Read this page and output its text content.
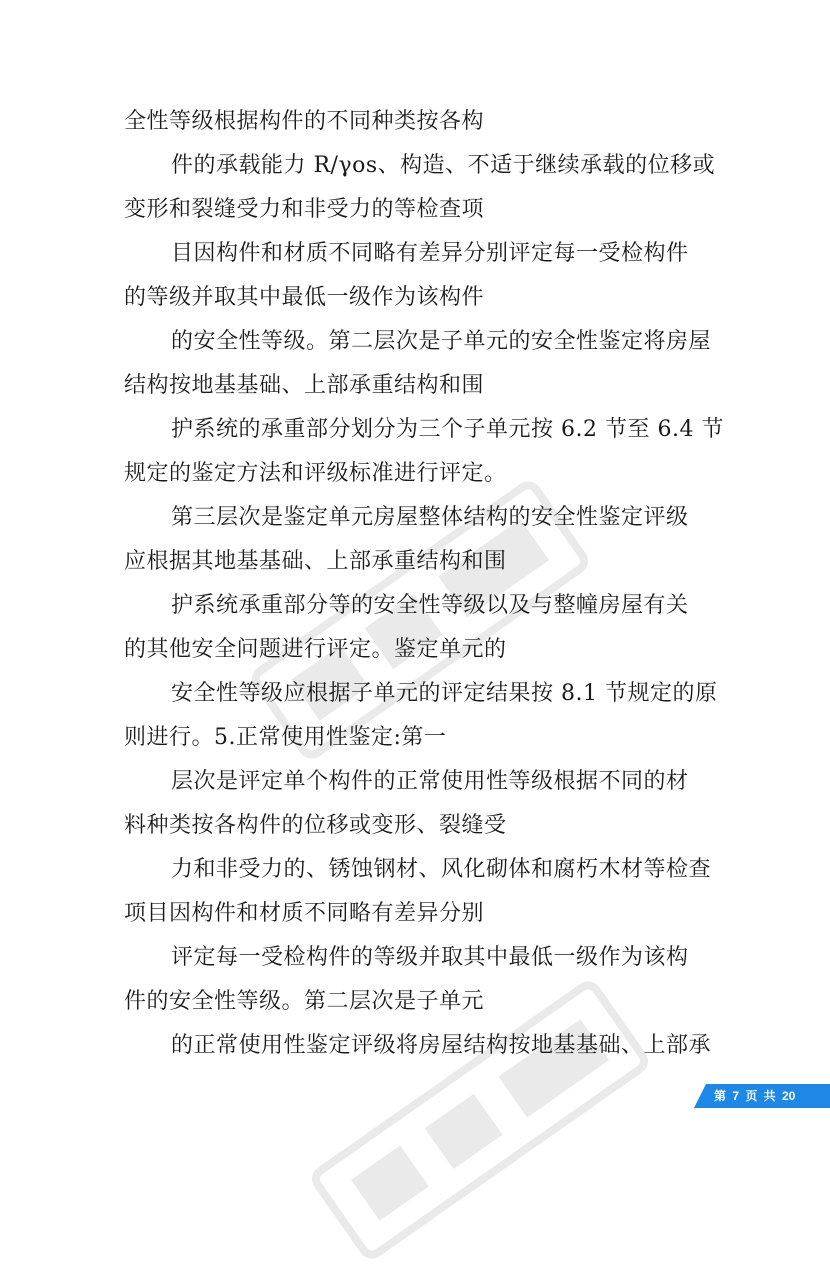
全性等级根据构件的不同种类按各构
件的承载能力 R/γos、构造、不适于继续承载的位移或
变形和裂缝受力和非受力的等检查项
目因构件和材质不同略有差异分别评定每一受检构件
的等级并取其中最低一级作为该构件
的安全性等级。第二层次是子单元的安全性鉴定将房屋
结构按地基基础、上部承重结构和围
护系统的承重部分划分为三个子单元按 6.2 节至 6.4 节
规定的鉴定方法和评级标准进行评定。
第三层次是鉴定单元房屋整体结构的安全性鉴定评级
应根据其地基基础、上部承重结构和围
护系统承重部分等的安全性等级以及与整幢房屋有关
的其他安全问题进行评定。鉴定单元的
安全性等级应根据子单元的评定结果按 8.1 节规定的原
则进行。5.正常使用性鉴定:第一
层次是评定单个构件的正常使用性等级根据不同的材
料种类按各构件的位移或变形、裂缝受
力和非受力的、锈蚀钢材、风化砌体和腐朽木材等检查
项目因构件和材质不同略有差异分别
评定每一受检构件的等级并取其中最低一级作为该构
件的安全性等级。第二层次是子单元
的正常使用性鉴定评级将房屋结构按地基基础、上部承
第 7 页 共 20
